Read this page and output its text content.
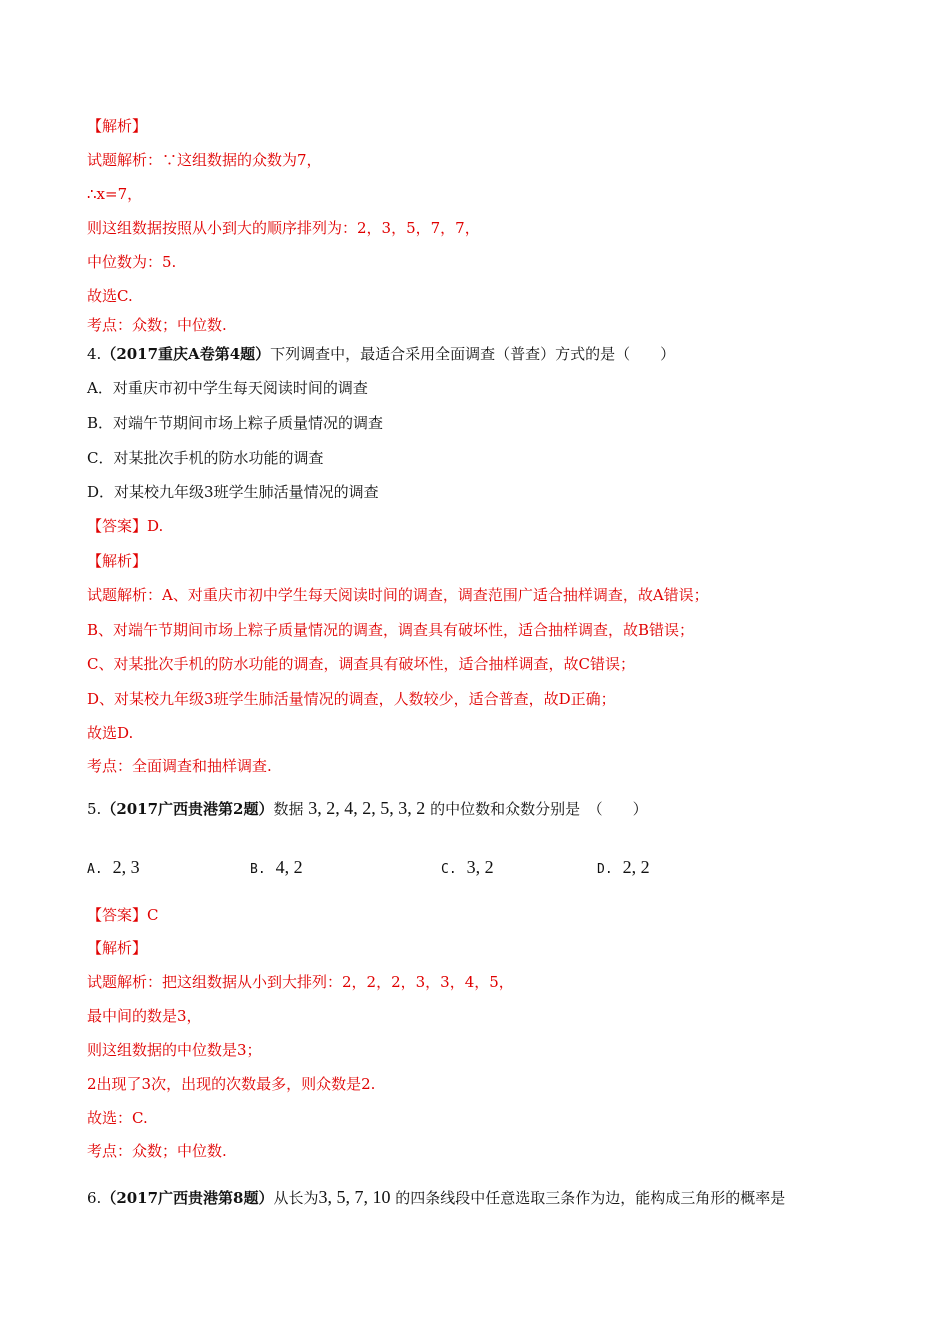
【解析】
试题解析：∵这组数据的众数为7，
∴x=7，
则这组数据按照从小到大的顺序排列为：2，3，5，7，7，
中位数为：5.
故选C.
考点：众数；中位数.
4.（2017重庆A卷第4题）下列调查中，最适合采用全面调查（普查）方式的是（　　）
A．对重庆市初中学生每天阅读时间的调查
B．对端午节期间市场上粽子质量情况的调查
C．对某批次手机的防水功能的调查
D．对某校九年级3班学生肺活量情况的调查
【答案】D.
【解析】
试题解析：A、对重庆市初中学生每天阅读时间的调查，调查范围广适合抽样调查，故A错误；
B、对端午节期间市场上粽子质量情况的调查，调查具有破坏性，适合抽样调查，故B错误；
C、对某批次手机的防水功能的调查，调查具有破坏性，适合抽样调查，故C错误；
D、对某校九年级3班学生肺活量情况的调查，人数较少，适合普查，故D正确；
故选D.
考点：全面调查和抽样调查.
5.（2017广西贵港第2题）数据 3, 2, 4, 2, 5, 3, 2 的中位数和众数分别是　（　　）
A. 2, 3	B. 4, 2	C. 3, 2	D. 2, 2
【答案】C
【解析】
试题解析：把这组数据从小到大排列：2，2，2，3，3，4，5，
最中间的数是3，
则这组数据的中位数是3；
2出现了3次，出现的次数最多，则众数是2.
故选：C.
考点：众数；中位数.
6.（2017广西贵港第8题）从长为3, 5, 7, 10 的四条线段中任意选取三条作为边，能构成三角形的概率是
